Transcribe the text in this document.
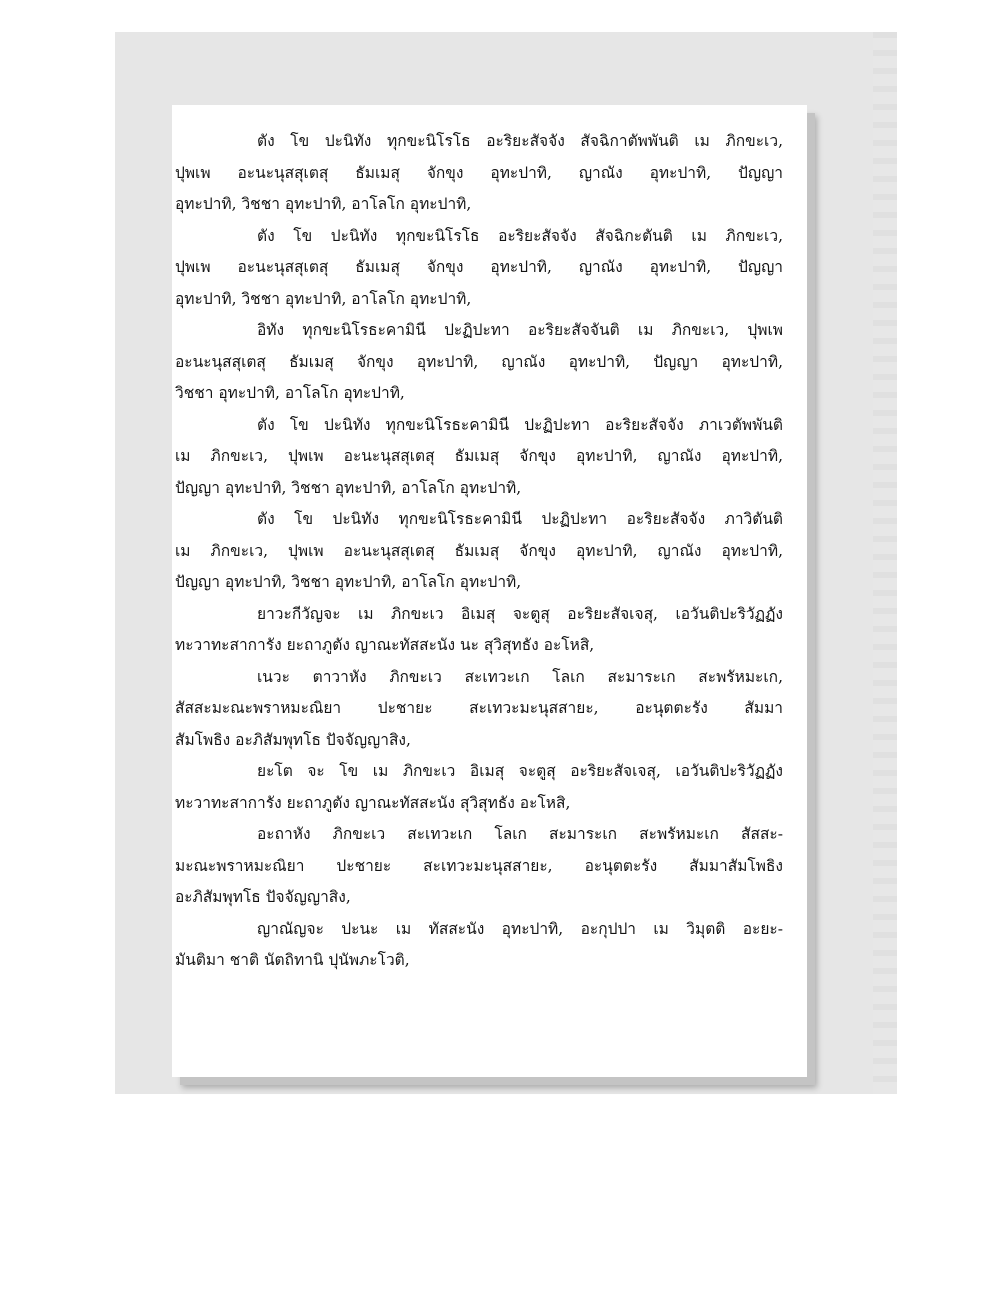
ตัง โข ปะนิทัง ทุกขะนิโรโธ อะริยะสัจจัง สัจฉิกาตัพพันติ เม ภิกขะเว,
ปุพเพ อะนะนุสสุเตสุ ธัมเมสุ จักขุง อุทะปาทิ, ญาณัง อุทะปาทิ, ปัญญา
อุทะปาทิ, วิชชา อุทะปาทิ, อาโลโก อุทะปาทิ,
ตัง โข ปะนิทัง ทุกขะนิโรโธ อะริยะสัจจัง สัจฉิกะตันติ เม ภิกขะเว,
ปุพเพ อะนะนุสสุเตสุ ธัมเมสุ จักขุง อุทะปาทิ, ญาณัง อุทะปาทิ, ปัญญา
อุทะปาทิ, วิชชา อุทะปาทิ, อาโลโก อุทะปาทิ,
อิทัง ทุกขะนิโรธะคามินี ปะฏิปะทา อะริยะสัจจันติ เม ภิกขะเว, ปุพเพ
อะนะนุสสุเตสุ ธัมเมสุ จักขุง อุทะปาทิ, ญาณัง อุทะปาทิ, ปัญญา อุทะปาทิ,
วิชชา อุทะปาทิ, อาโลโก อุทะปาทิ,
ตัง โข ปะนิทัง ทุกขะนิโรธะคามินี ปะฏิปะทา อะริยะสัจจัง ภาเวตัพพันติ
เม ภิกขะเว, ปุพเพ อะนะนุสสุเตสุ ธัมเมสุ จักขุง อุทะปาทิ, ญาณัง อุทะปาทิ,
ปัญญา อุทะปาทิ, วิชชา อุทะปาทิ, อาโลโก อุทะปาทิ,
ตัง โข ปะนิทัง ทุกขะนิโรธะคามินี ปะฏิปะทา อะริยะสัจจัง ภาวิตันติ
เม ภิกขะเว, ปุพเพ อะนะนุสสุเตสุ ธัมเมสุ จักขุง อุทะปาทิ, ญาณัง อุทะปาทิ,
ปัญญา อุทะปาทิ, วิชชา อุทะปาทิ, อาโลโก อุทะปาทิ,
ยาวะกีวัญจะ เม ภิกขะเว อิเมสุ จะตูสุ อะริยะสัจเจสุ, เอวันติปะริวัฏฏัง
ทะวาทะสาการัง ยะถาภูตัง ญาณะทัสสะนัง นะ สุวิสุทธัง อะโหสิ,
เนวะ ตาวาหัง ภิกขะเว สะเทวะเก โลเก สะมาระเก สะพรัหมะเก,
สัสสะมะณะพราหมะณิยา ปะชายะ สะเทวะมะนุสสายะ, อะนุตตะรัง สัมมา
สัมโพธิง อะภิสัมพุทโธ ปัจจัญญาสิง,
ยะโต จะ โข เม ภิกขะเว อิเมสุ จะตูสุ อะริยะสัจเจสุ, เอวันติปะริวัฏฏัง
ทะวาทะสาการัง ยะถาภูตัง ญาณะทัสสะนัง สุวิสุทธัง อะโหสิ,
อะถาหัง ภิกขะเว สะเทวะเก โลเก สะมาระเก สะพรัหมะเก สัสสะ-
มะณะพราหมะณิยา ปะชายะ สะเทวะมะนุสสายะ, อะนุตตะรัง สัมมาสัมโพธิง
อะภิสัมพุทโธ ปัจจัญญาสิง,
ญาณัญจะ ปะนะ เม ทัสสะนัง อุทะปาทิ, อะกุปปา เม วิมุตติ อะยะ-
มันติมา ชาติ นัตถิทานิ ปุนัพภะโวติ,
